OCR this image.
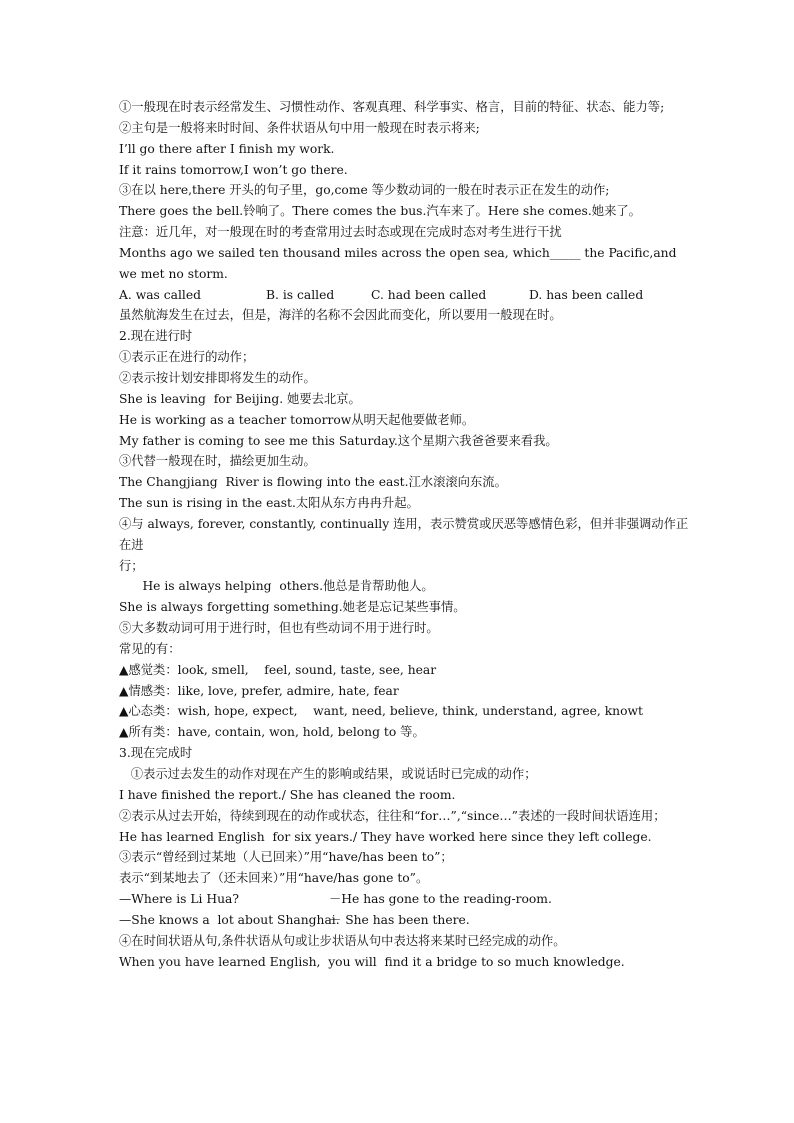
①一般现在时表示经常发生、习惯性动作、客观真理、科学事实、格言，目前的特征、状态、能力等;
②主句是一般将来时时间、条件状语从句中用一般现在时表示将来;
I’ll go there after I finish my work.
If it rains tomorrow,I won’t go there.
③在以 here,there 开头的句子里，go,come 等少数动词的一般在时表示正在发生的动作;
There goes the bell.铃响了。There comes the bus.汽车来了。Here she comes.她来了。
注意：近几年，对一般现在时的考查常用过去时态或现在完成时态对考生进行干扰
Months ago we sailed ten thousand miles across the open sea, which_____ the Pacific,and we met no storm.
A. was called	B. is called	C. had been called	D. has been called
虽然航海发生在过去，但是，海洋的名称不会因此而变化，所以要用一般现在时。
2.现在进行时
①表示正在进行的动作；
②表示按计划安排即将发生的动作。
She is leaving  for Beijing. 她要去北京。
He is working as a teacher tomorrow从明天起他要做老师。
My father is coming to see me this Saturday.这个星期六我爸爸要来看我。
③代替一般现在时，描绘更加生动。
The Changjiang  River is flowing into the east.江水滚滚向东流。
The sun is rising in the east.太阳从东方冉冉升起。
④与 always, forever, constantly, continually 连用，表示赞赏或厌恶等感情色彩，但并非强调动作正在进
行；
He is always helping  others.他总是肯帮助他人。
She is always forgetting something.她老是忘记某些事情。
⑤大多数动词可用于进行时，但也有些动词不用于进行时。
常见的有：
▲感觉类：look, smell,    feel, sound, taste, see, hear
▲情感类：like, love, prefer, admire, hate, fear
▲心态类：wish, hope, expect,    want, need, believe, think, understand, agree, knowt
▲所有类：have, contain, won, hold, belong to 等。
3.现在完成时
①表示过去发生的动作对现在产生的影响或结果，或说话时已完成的动作；
I have finished the report./ She has cleaned the room.
②表示从过去开始，待续到现在的动作或状态，往往和“for…”,“since…”表述的一段时间状语连用；
He has learned English  for six years./ They have worked here since they left college.
③表示“曾经到过某地（人已回来）”用“have/has been to”；
表示“到某地去了（还未回来）”用“have/has gone to”。
—Where is Li Hua?	－He has gone to the reading-room.
—She knows a  lot about Shanghai.
－ She has been there.
④在时间状语从句,条件状语从句或让步状语从句中表达将来某时已经完成的动作。
When you have learned English,  you will  find it a bridge to so much knowledge.
